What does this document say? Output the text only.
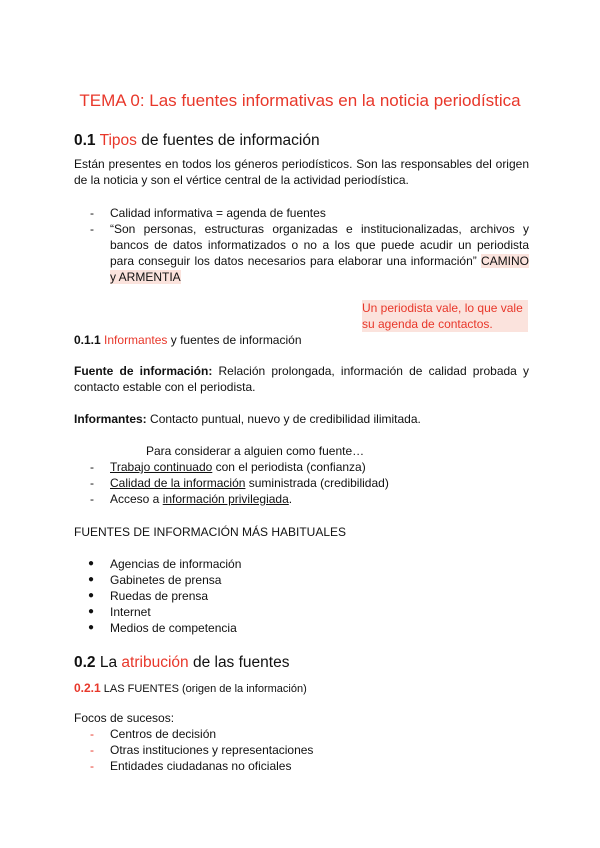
TEMA 0: Las fuentes informativas en la noticia periodística
0.1 Tipos de fuentes de información
Están presentes en todos los géneros periodísticos. Son las responsables del origen de la noticia y son el vértice central de la actividad periodística.
- Calidad informativa = agenda de fuentes
- “Son personas, estructuras organizadas e institucionalizadas, archivos y bancos de datos informatizados o no a los que puede acudir un periodista para conseguir los datos necesarios para elaborar una información” CAMINO y ARMENTIA
Un periodista vale, lo que vale su agenda de contactos.
0.1.1 Informantes y fuentes de información
Fuente de información: Relación prolongada, información de calidad probada y contacto estable con el periodista.
Informantes: Contacto puntual, nuevo y de credibilidad ilimitada.
Para considerar a alguien como fuente…
- Trabajo continuado con el periodista (confianza)
- Calidad de la información suministrada (credibilidad)
- Acceso a información privilegiada.
FUENTES DE INFORMACIÓN MÁS HABITUALES
● Agencias de información
● Gabinetes de prensa
● Ruedas de prensa
● Internet
● Medios de competencia
0.2 La atribución de las fuentes
0.2.1 LAS FUENTES (origen de la información)
Focos de sucesos:
- Centros de decisión
- Otras instituciones y representaciones
- Entidades ciudadanas no oficiales
